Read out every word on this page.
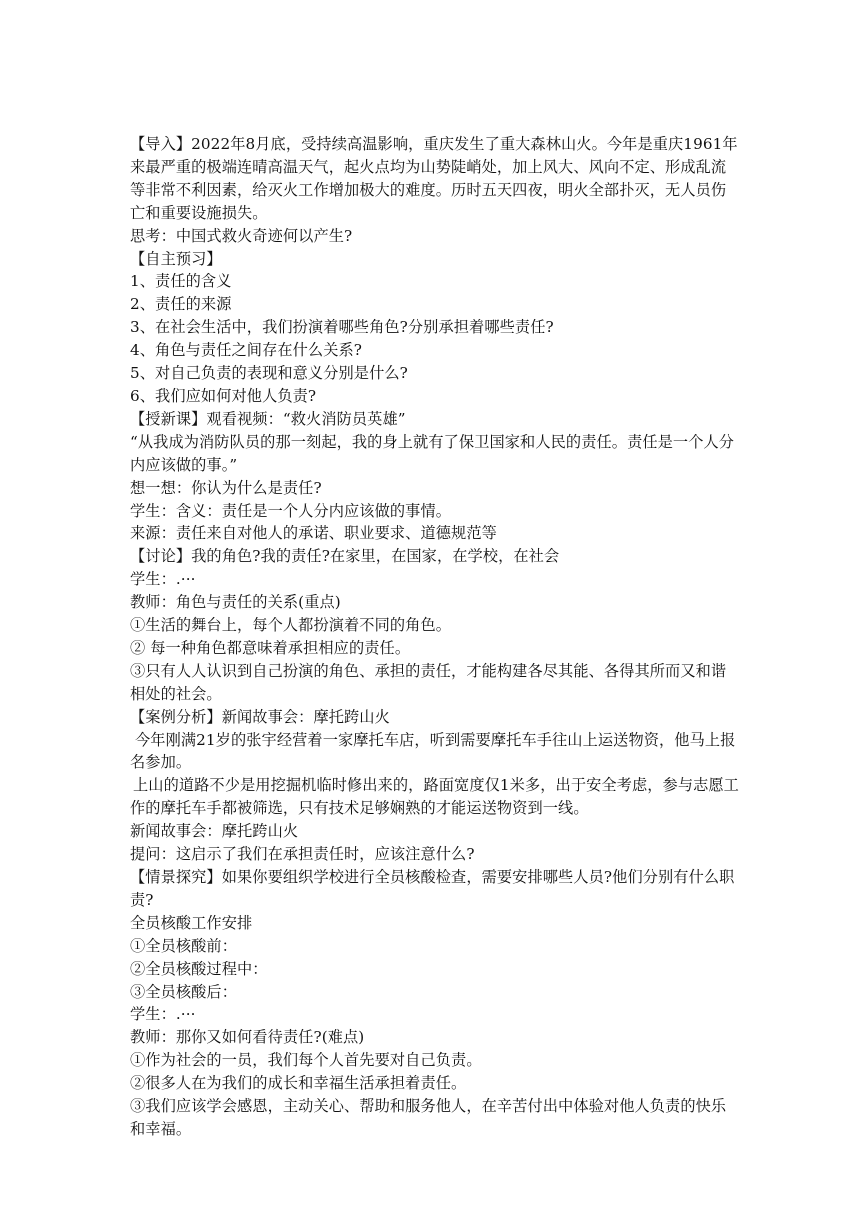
【导入】2022年8月底，受持续高温影响，重庆发生了重大森林山火。今年是重庆1961年来最严重的极端连晴高温天气，起火点均为山势陡峭处，加上风大、风向不定、形成乱流等非常不利因素，给灭火工作增加极大的难度。历时五天四夜，明火全部扑灭，无人员伤亡和重要设施损失。

思考：中国式救火奇迹何以产生?

【自主预习】

1、责任的含义

2、责任的来源

3、在社会生活中，我们扮演着哪些角色?分别承担着哪些责任?

4、角色与责任之间存在什么关系?

5、对自己负责的表现和意义分别是什么?

6、我们应如何对他人负责?

【授新课】观看视频：“救火消防员英雄”

“从我成为消防队员的那一刻起，我的身上就有了保卫国家和人民的责任。责任是一个人分内应该做的事。”

想一想：你认为什么是责任?

学生：含义：责任是一个人分内应该做的事情。

来源：责任来自对他人的承诺、职业要求、道德规范等

【讨论】我的角色?我的责任?在家里，在国家，在学校，在社会

学生：.···

教师：角色与责任的关系(重点)

①生活的舞台上，每个人都扮演着不同的角色。

② 每一种角色都意味着承担相应的责任。

③只有人人认识到自己扮演的角色、承担的责任，才能构建各尽其能、各得其所而又和谐相处的社会。

【案例分析】新闻故事会：摩托跨山火

今年刚满21岁的张宇经营着一家摩托车店，听到需要摩托车手往山上运送物资，他马上报名参加。

上山的道路不少是用挖掘机临时修出来的，路面宽度仅1米多，出于安全考虑，参与志愿工作的摩托车手都被筛选，只有技术足够娴熟的才能运送物资到一线。

新闻故事会：摩托跨山火

提问：这启示了我们在承担责任时，应该注意什么?

【情景探究】如果你要组织学校进行全员核酸检查，需要安排哪些人员?他们分别有什么职责?

全员核酸工作安排

①全员核酸前：

②全员核酸过程中：

③全员核酸后：

学生：.···

教师：那你又如何看待责任?(难点)

①作为社会的一员，我们每个人首先要对自己负责。

②很多人在为我们的成长和幸福生活承担着责任。

③我们应该学会感恩，主动关心、帮助和服务他人，在辛苦付出中体验对他人负责的快乐和幸福。
